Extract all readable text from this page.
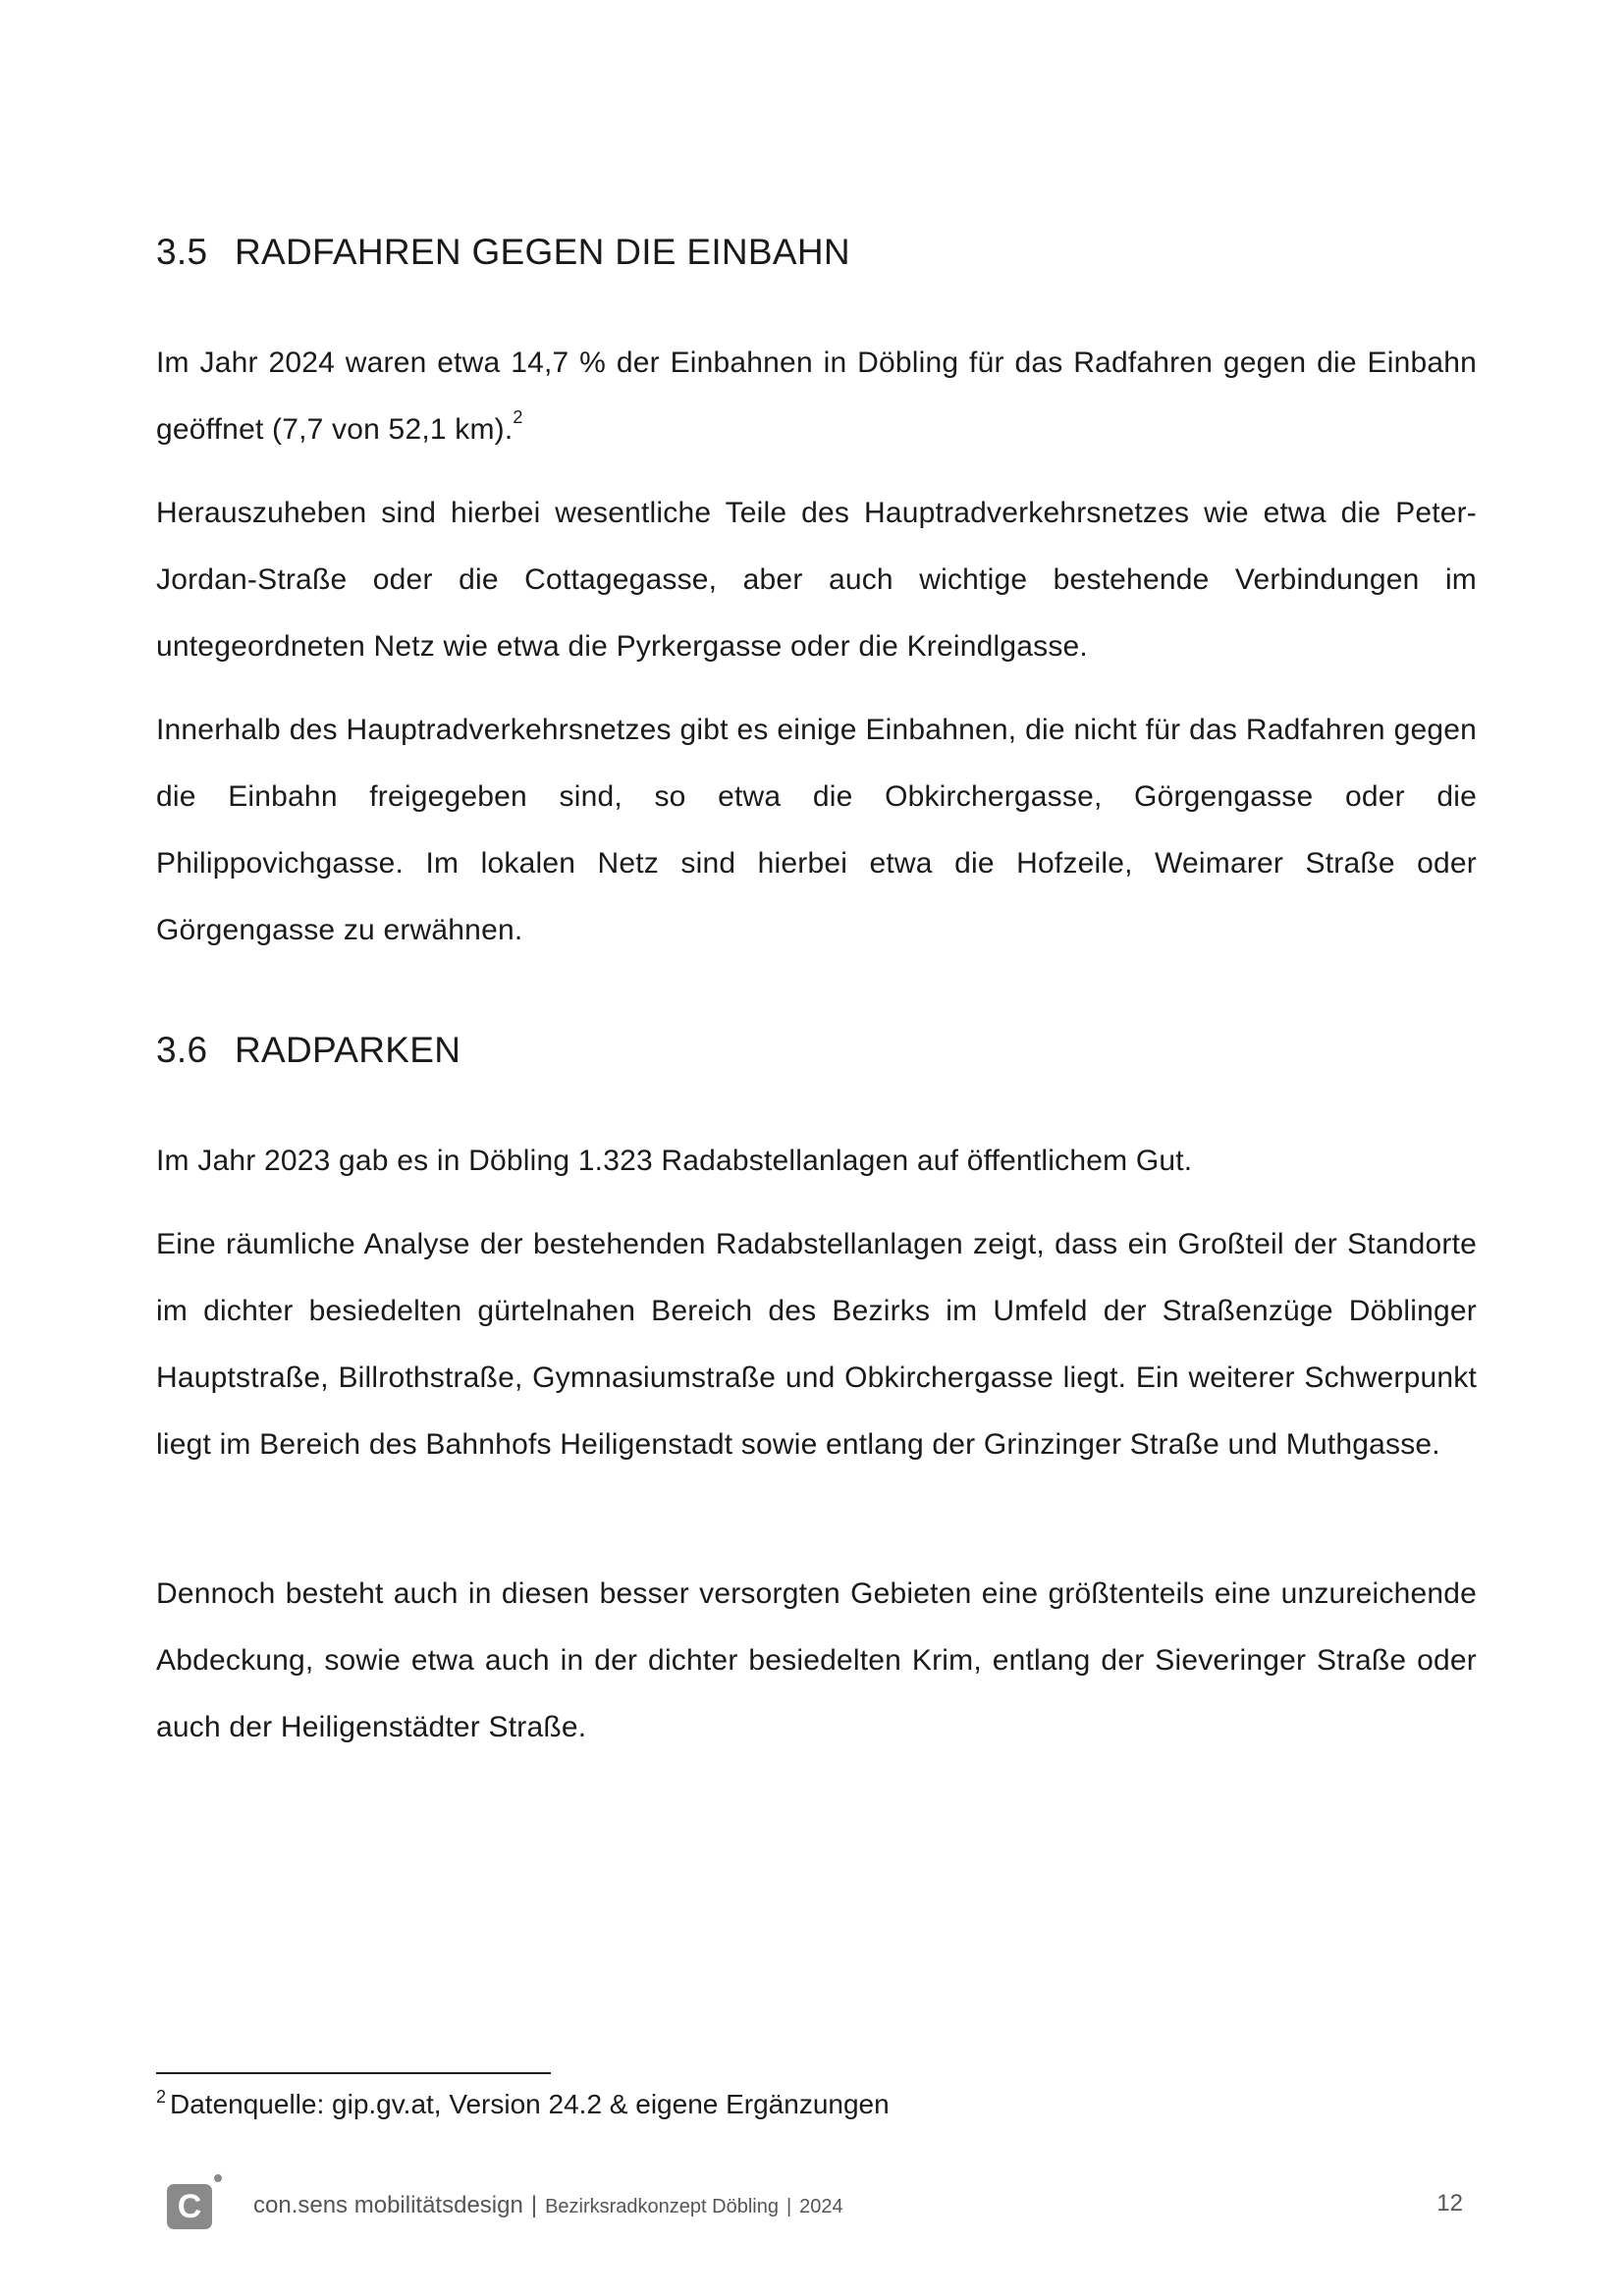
3.5 RADFAHREN GEGEN DIE EINBAHN

Im Jahr 2024 waren etwa 14,7 % der Einbahnen in Döbling für das Radfahren gegen die Einbahn geöffnet (7,7 von 52,1 km).$^2$

Herauszuheben sind hierbei wesentliche Teile des Hauptradverkehrsnetzes wie etwa die Peter-Jordan-Straße oder die Cottagegasse, aber auch wichtige bestehende Verbindungen im untegeordneten Netz wie etwa die Pyrkergasse oder die Kreindlgasse.

Innerhalb des Hauptradverkehrsnetzes gibt es einige Einbahnen, die nicht für das Radfahren gegen die Einbahn freigegeben sind, so etwa die Obkirchergasse, Görgengasse oder die Philippovichgasse. Im lokalen Netz sind hierbei etwa die Hofzeile, Weimarer Straße oder Görgengasse zu erwähnen.

3.6 RADPARKEN

Im Jahr 2023 gab es in Döbling 1.323 Radabstellanlagen auf öffentlichem Gut.

Eine räumliche Analyse der bestehenden Radabstellanlagen zeigt, dass ein Großteil der Standorte im dichter besiedelten gürtelnahen Bereich des Bezirks im Umfeld der Straßenzüge Döblinger Hauptstraße, Billrothstraße, Gymnasiumstraße und Obkirchergasse liegt. Ein weiterer Schwerpunkt liegt im Bereich des Bahnhofs Heiligenstadt sowie entlang der Grinzinger Straße und Muthgasse.

Dennoch besteht auch in diesen besser versorgten Gebieten eine größtenteils eine unzureichende Abdeckung, sowie etwa auch in der dichter besiedelten Krim, entlang der Sieveringer Straße oder auch der Heiligenstädter Straße.

$^2$ Datenquelle: gip.gv.at, Version 24.2 & eigene Ergänzungen

C	con.sens mobilitätsdesign | Bezirksradkonzept Döbling | 2024	12
